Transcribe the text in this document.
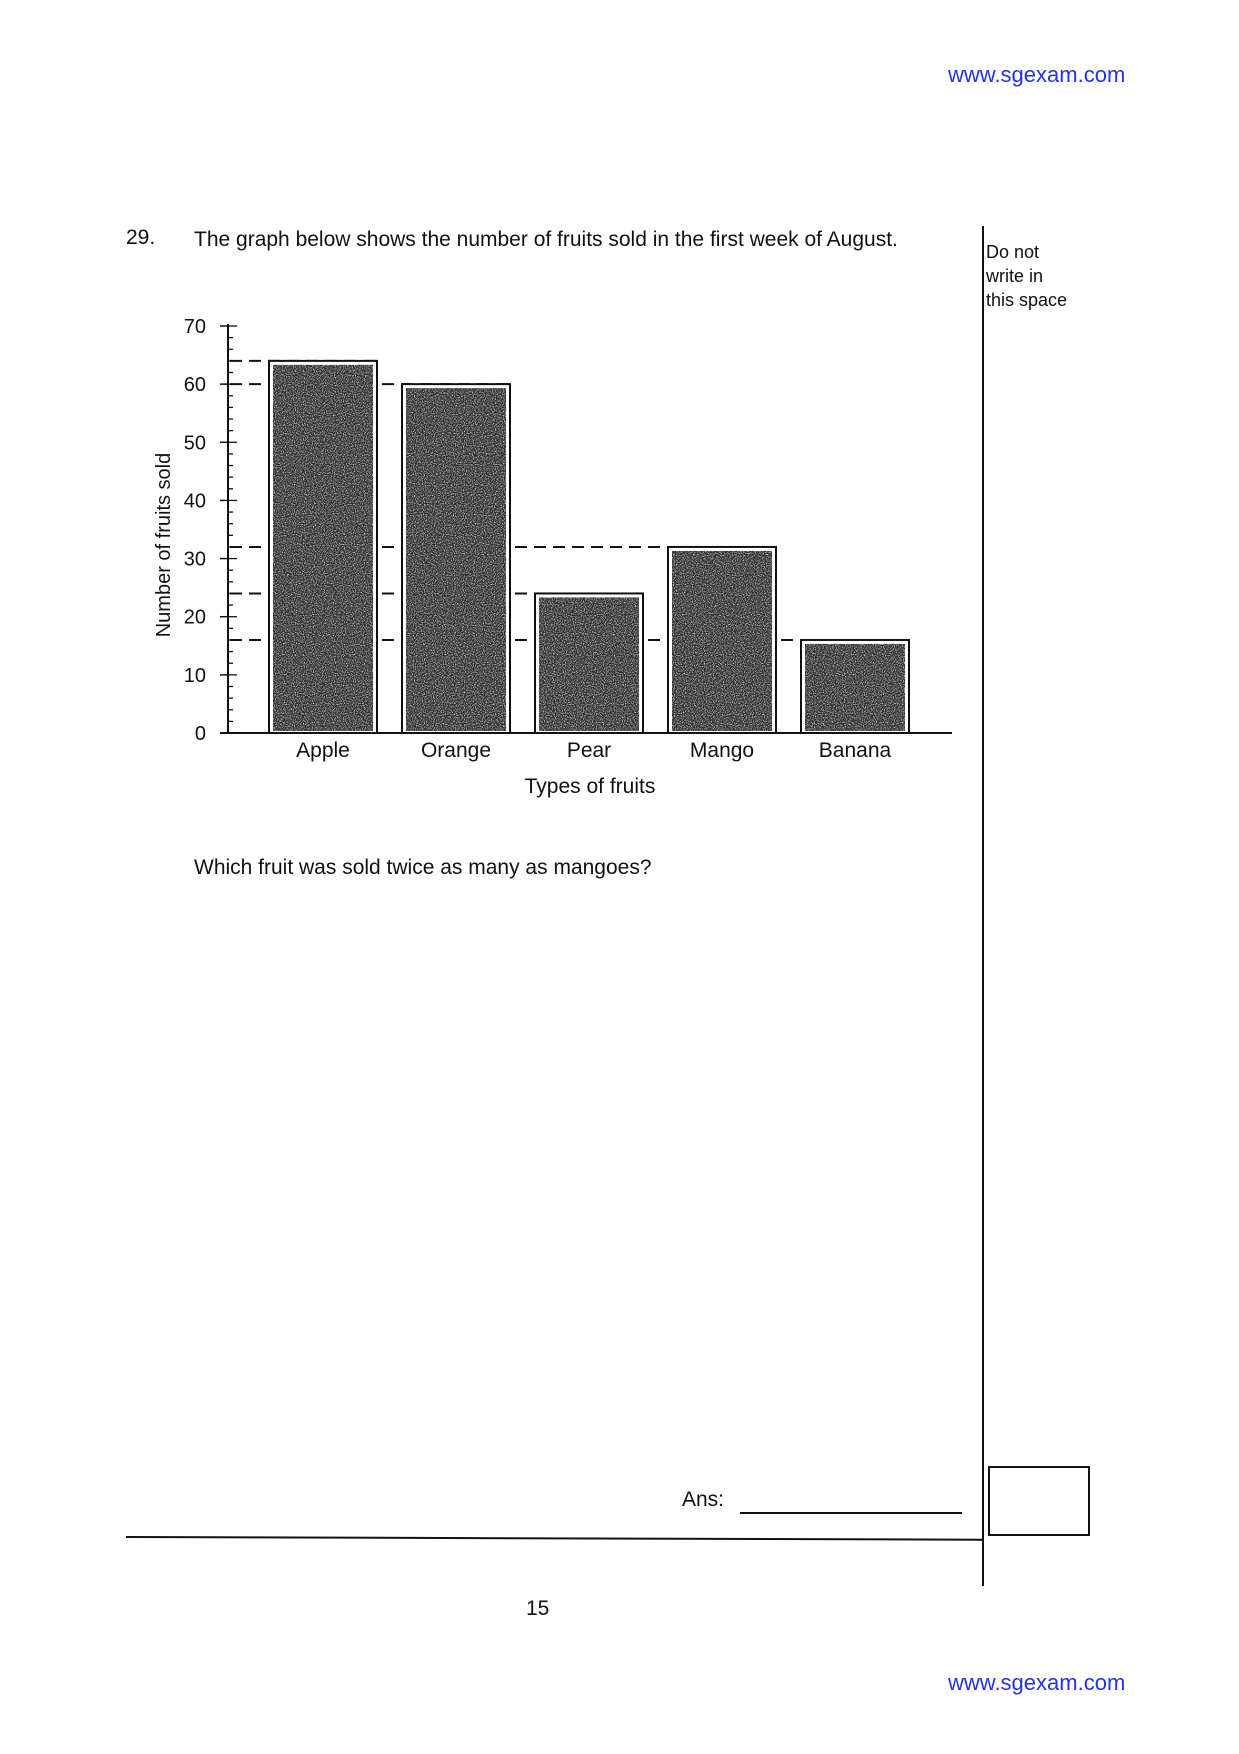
www.sgexam.com
29. The graph below shows the number of fruits sold in the first week of August.
Do not
write in
this space
0
10
20
30
40
50
60
70
Apple	Orange	Pear	Mango	Banana
Number of fruits sold
Types of fruits
Which fruit was sold twice as many as mangoes?
Ans:
15
www.sgexam.com
